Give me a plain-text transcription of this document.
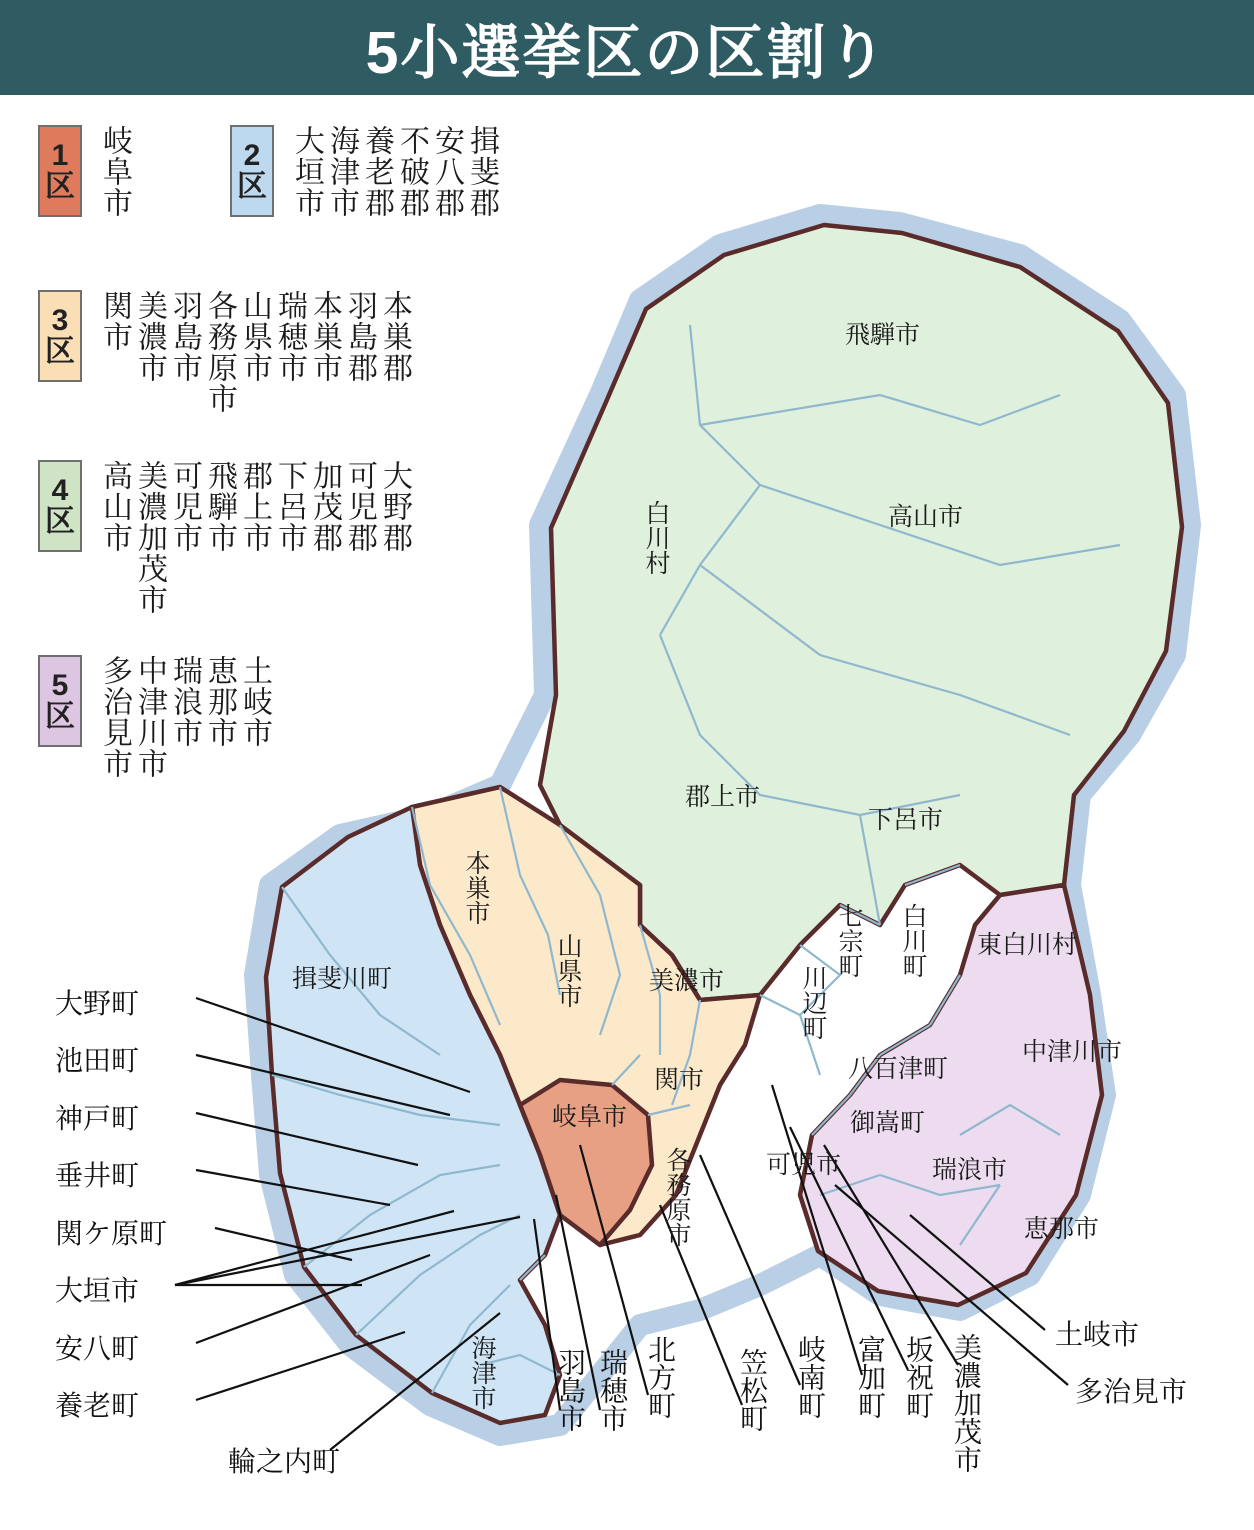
5小選挙区の区割り
1
区 岐阜市	2
区	揖斐郡
安八郡
不破郡
養老郡
海津市
大垣市
3
区	本巣郡
羽島郡
本巣市
瑞穂市
山県市
各務原市
羽島市
美濃市
関市
4
区	大野郡
可児郡
加茂郡
下呂市
郡上市
飛騨市
可児市
美濃加茂市
高山市
5
区	土岐市
恵那市
瑞浪市
中津川市
多治見市
飛騨市
白川村	高山市
郡上市
下呂市
本巣市
揖斐川町	山県市	美濃市
七宗町 白川町 東白川村
川辺町
八百津町
中津川市
岐阜市
関市
御嵩町
可児市	瑞浪市
各務原市	恵那市
海津市
大野町
池田町
神戸町
垂井町
関ケ原町
大垣市
安八町
養老町
輪之内町
羽島市 瑞穂市 北方町 笠松町 岐南町 富加町 坂祝町 美濃加茂市	土岐市
多治見市
